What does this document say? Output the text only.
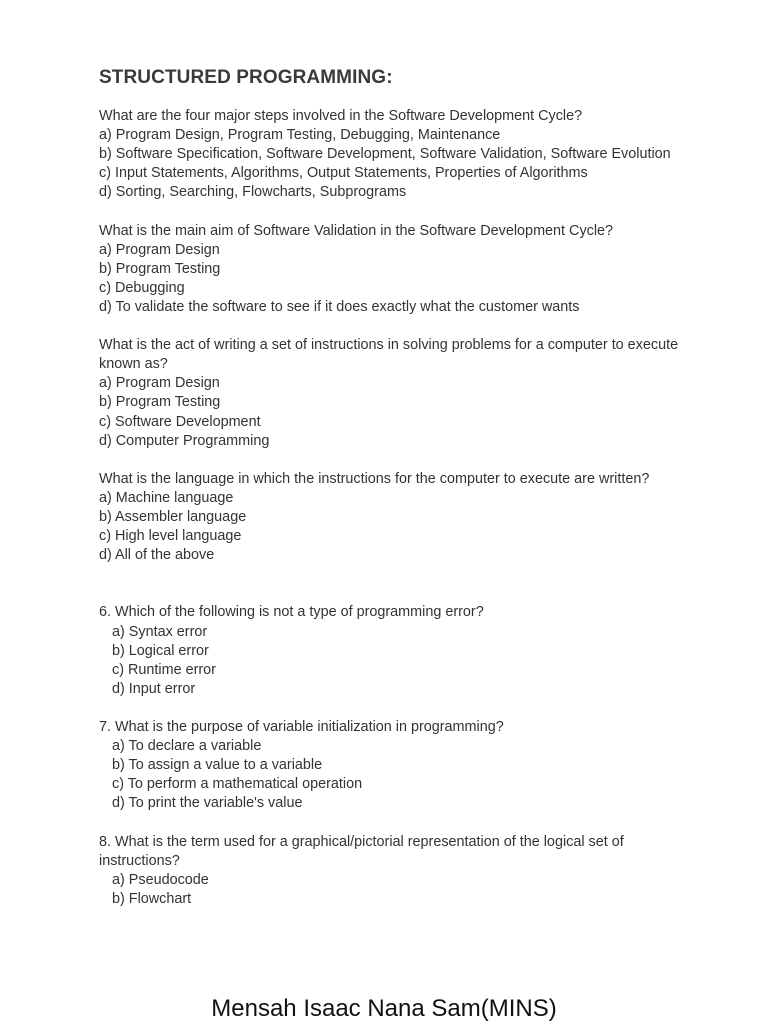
STRUCTURED PROGRAMMING:
What are the four major steps involved in the Software Development Cycle?
a) Program Design, Program Testing, Debugging, Maintenance
b) Software Specification, Software Development, Software Validation, Software Evolution
c) Input Statements, Algorithms, Output Statements, Properties of Algorithms
d) Sorting, Searching, Flowcharts, Subprograms
What is the main aim of Software Validation in the Software Development Cycle?
a) Program Design
b) Program Testing
c) Debugging
d) To validate the software to see if it does exactly what the customer wants
What is the act of writing a set of instructions in solving problems for a computer to execute known as?
a) Program Design
b) Program Testing
c) Software Development
d) Computer Programming
What is the language in which the instructions for the computer to execute are written?
a) Machine language
b) Assembler language
c) High level language
d) All of the above
6. Which of the following is not a type of programming error?
a) Syntax error
b) Logical error
c) Runtime error
d) Input error
7. What is the purpose of variable initialization in programming?
a) To declare a variable
b) To assign a value to a variable
c) To perform a mathematical operation
d) To print the variable's value
8. What is the term used for a graphical/pictorial representation of the logical set of instructions?
a) Pseudocode
b) Flowchart
Mensah Isaac Nana Sam(MINS)
